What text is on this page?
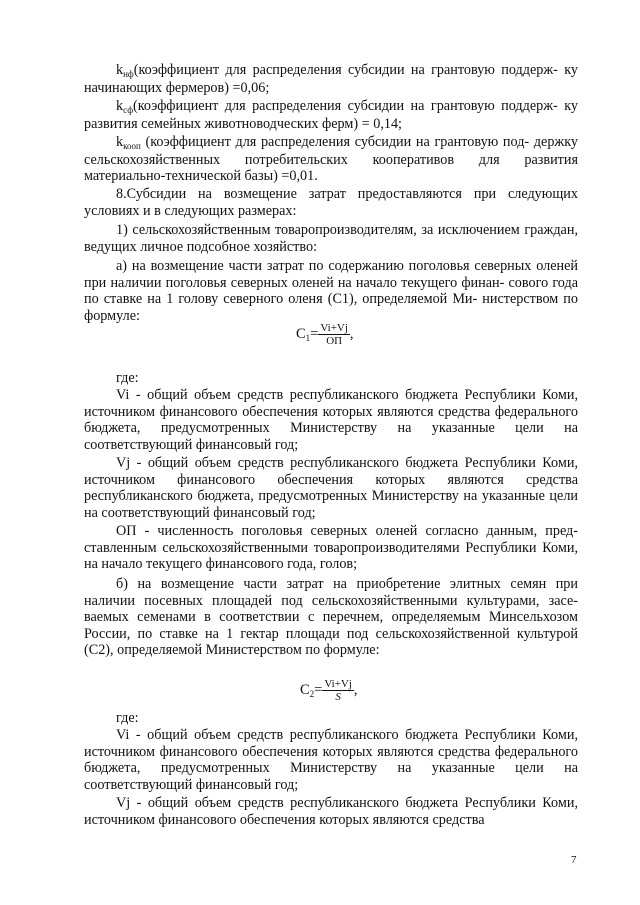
$k_{нф}(коэффициент$ для распределения субсидии на грантовую поддерж- ку начинающих фермеров) =0,06;

$k_{сф}(коэффициент$ для распределения субсидии на грантовую поддерж- ку развития семейных животноводческих ферм) = 0,14;

$k_{кооп}$ (коэффициент для распределения субсидии на грантовую под- держку сельскохозяйственных потребительских кооперативов для развития материально-технической базы) =0,01.

8.Субсидии на возмещение затрат предоставляются при следующих условиях и в следующих размерах:

1) сельскохозяйственным товаропроизводителям, за исключением граждан, ведущих личное подсобное хозяйство:

а) на возмещение части затрат по содержанию поголовья северных оленей при наличии поголовья северных оленей на начало текущего финан- сового года по ставке на 1 голову северного оленя (С1), определяемой Ми- нистерством по формуле:

$C_1= \frac{Vi+Vj}{ОП}$ ,

где:

Vi - общий объем средств республиканского бюджета Республики Коми, источником финансового обеспечения которых являются средства федерального бюджета, предусмотренных Министерству на указанные цели на соответствующий финансовый год;

Vj - общий объем средств республиканского бюджета Республики Коми, источником финансового обеспечения которых являются средства республиканского бюджета, предусмотренных Министерству на указанные цели на соответствующий финансовый год;

ОП - численность поголовья северных оленей согласно данным, пред- ставленным сельскохозяйственными товаропроизводителями Республики Коми, на начало текущего финансового года, голов;

б) на возмещение части затрат на приобретение элитных семян при наличии посевных площадей под сельскохозяйственными культурами, засе- ваемых семенами в соответствии с перечнем, определяемым Минсельхозом России, по ставке на 1 гектар площади под сельскохозяйственной культурой (С2), определяемой Министерством по формуле:

$C_2= \frac{Vi+Vj}{S}$ ,

где:

Vi - общий объем средств республиканского бюджета Республики Коми, источником финансового обеспечения которых являются средства федерального бюджета, предусмотренных Министерству на указанные цели на соответствующий финансовый год;

Vj - общий объем средств республиканского бюджета Республики Коми, источником финансового обеспечения которых являются средства

7
